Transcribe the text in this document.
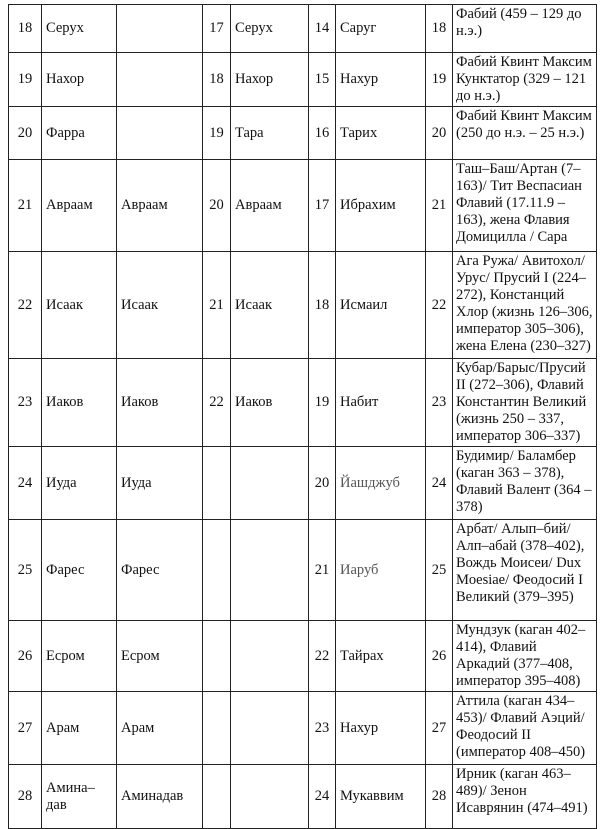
18	Серух		17	Серух	14	Саруг	18	Фабий (459 – 129 до н.э.)
19	Нахор		18	Нахор	15	Нахур	19	Фабий Квинт Максим Кунктатор (329 – 121 до н.э.)
20	Фарра		19	Тара	16	Тарих	20	Фабий Квинт Максим (250 до н.э. – 25 н.э.)
21	Авраам	Авраам	20	Авраам	17	Ибрахим	21	Таш–Баш/Артан (7–163)/ Тит Веспасиан Флавий (17.11.9 – 163), жена Флавия Домицилла / Сара
22	Исаак	Исаак	21	Исаак	18	Исмаил	22	Ага Ружа/ Авитохол/ Урус/ Прусий I (224–272), Констанций Хлор (жизнь 126–306, император 305–306), жена Елена (230–327)
23	Иаков	Иаков	22	Иаков	19	Набит	23	Кубар/Барыс/Прусий II (272–306), Флавий Константин Великий (жизнь 250 – 337, император 306–337)
24	Иуда	Иуда			20	Йашджуб	24	Будимир/ Баламбер (каган 363 – 378), Флавий Валент (364 – 378)
25	Фарес	Фарес			21	Иаруб	25	Арбат/ Алып–бий/ Алп–абай (378–402), Вождь Моисеи/ Dux Moesiae/ Феодосий I Великий (379–395)
26	Есром	Есром			22	Тайрах	26	Мундзук (каган 402–414), Флавий Аркадий (377–408, император 395–408)
27	Арам	Арам			23	Нахур	27	Аттила (каган 434–453)/ Флавий Аэций/ Феодосий II (император 408–450)
28	Амина–дав	Аминадав			24	Мукаввим	28	Ирник (каган 463–489)/ Зенон Исаврянин (474–491)
